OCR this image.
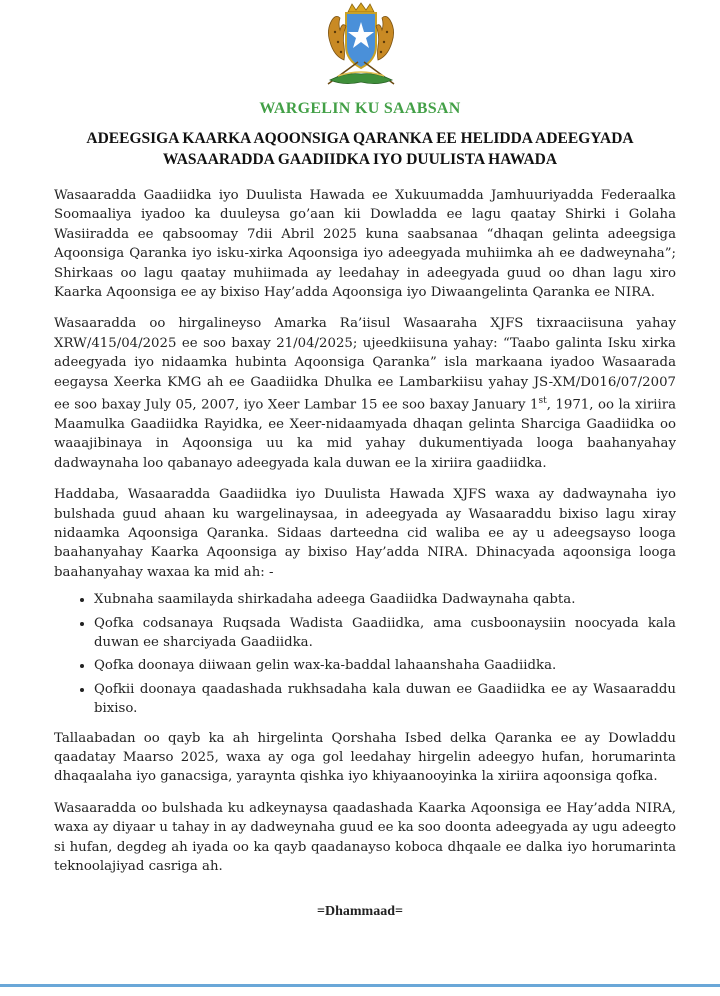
WARGELIN KU SAABSAN
ADEEGSIGA KAARKA AQOONSIGA QARANKA EE HELIDDA ADEEGYADA
WASAARADDA GAADIIDKA IYO DUULISTA HAWADA

Wasaaradda Gaadiidka iyo Duulista Hawada ee Xukuumadda Jamhuuriyadda Federaalka Soomaaliya iyadoo ka duuleysa go’aan kii Dowladda ee lagu qaatay Shirki i Golaha Wasiiradda ee qabsoomay 7dii Abril 2025 kuna saabsanaa “dhaqan gelinta adeegsiga Aqoonsiga Qaranka iyo isku-xirka Aqoonsiga iyo adeegyada muhiimka ah ee dadweynaha”; Shirkaas oo lagu qaatay muhiimada ay leedahay in adeegyada guud oo dhan lagu xiro Kaarka Aqoonsiga ee ay bixiso Hay’adda Aqoonsiga iyo Diwaangelinta Qaranka ee NIRA.

Wasaaradda oo hirgalineyso Amarka Ra’iisul Wasaaraha XJFS tixraaciisuna yahay XRW/415/04/2025 ee soo baxay 21/04/2025; ujeedkiisuna yahay: “Taabo galinta Isku xirka adeegyada iyo nidaamka hubinta Aqoonsiga Qaranka” isla markaana iyadoo Wasaarada eegaysa Xeerka KMG ah ee Gaadiidka Dhulka ee Lambarkiisu yahay JS-XM/D016/07/2007 ee soo baxay July 05, 2007, iyo Xeer Lambar 15 ee soo baxay January 1st, 1971, oo la xiriira Maamulka Gaadiidka Rayidka, ee Xeer-nidaamyada dhaqan gelinta Sharciga Gaadiidka oo waaajibinaya in Aqoonsiga uu ka mid yahay dukumentiyada looga baahanyahay dadwaynaha loo qabanayo adeegyada kala duwan ee la xiriira gaadiidka.

Haddaba, Wasaaradda Gaadiidka iyo Duulista Hawada XJFS waxa ay dadwaynaha iyo bulshada guud ahaan ku wargelinaysaa, in adeegyada ay Wasaaraddu bixiso lagu xiray nidaamka Aqoonsiga Qaranka. Sidaas darteedna cid waliba ee ay u adeegsayso looga baahanyahay Kaarka Aqoonsiga ay bixiso Hay’adda NIRA. Dhinacyada aqoonsiga looga baahanyahay waxaa ka mid ah: -

• Xubnaha saamilayda shirkadaha adeega Gaadiidka Dadwaynaha qabta.
• Qofka codsanaya Ruqsada Wadista Gaadiidka, ama cusboonaysiin noocyada kala duwan ee sharciyada Gaadiidka.
• Qofka doonaya diiwaan gelin wax-ka-baddal lahaanshaha Gaadiidka.
• Qofkii doonaya qaadashada rukhsadaha kala duwan ee Gaadiidka ee ay Wasaaraddu bixiso.

Tallaabadan oo qayb ka ah hirgelinta Qorshaha Isbed delka Qaranka ee ay Dowladdu qaadatay Maarso 2025, waxa ay oga gol leedahay hirgelin adeegyo hufan, horumarinta dhaqaalaha iyo ganacsiga, yaraynta qishka iyo khiyaanooyinka la xiriira aqoonsiga qofka.

Wasaaradda oo bulshada ku adkeynaysa qaadashada Kaarka Aqoonsiga ee Hay’adda NIRA, waxa ay diyaar u tahay in ay dadweynaha guud ee ka soo doonta adeegyada ay ugu adeegto si hufan, degdeg ah iyada oo ka qayb qaadanayso koboca dhqaale ee dalka iyo horumarinta teknoolajiyad casriga ah.

=Dhammaad=
